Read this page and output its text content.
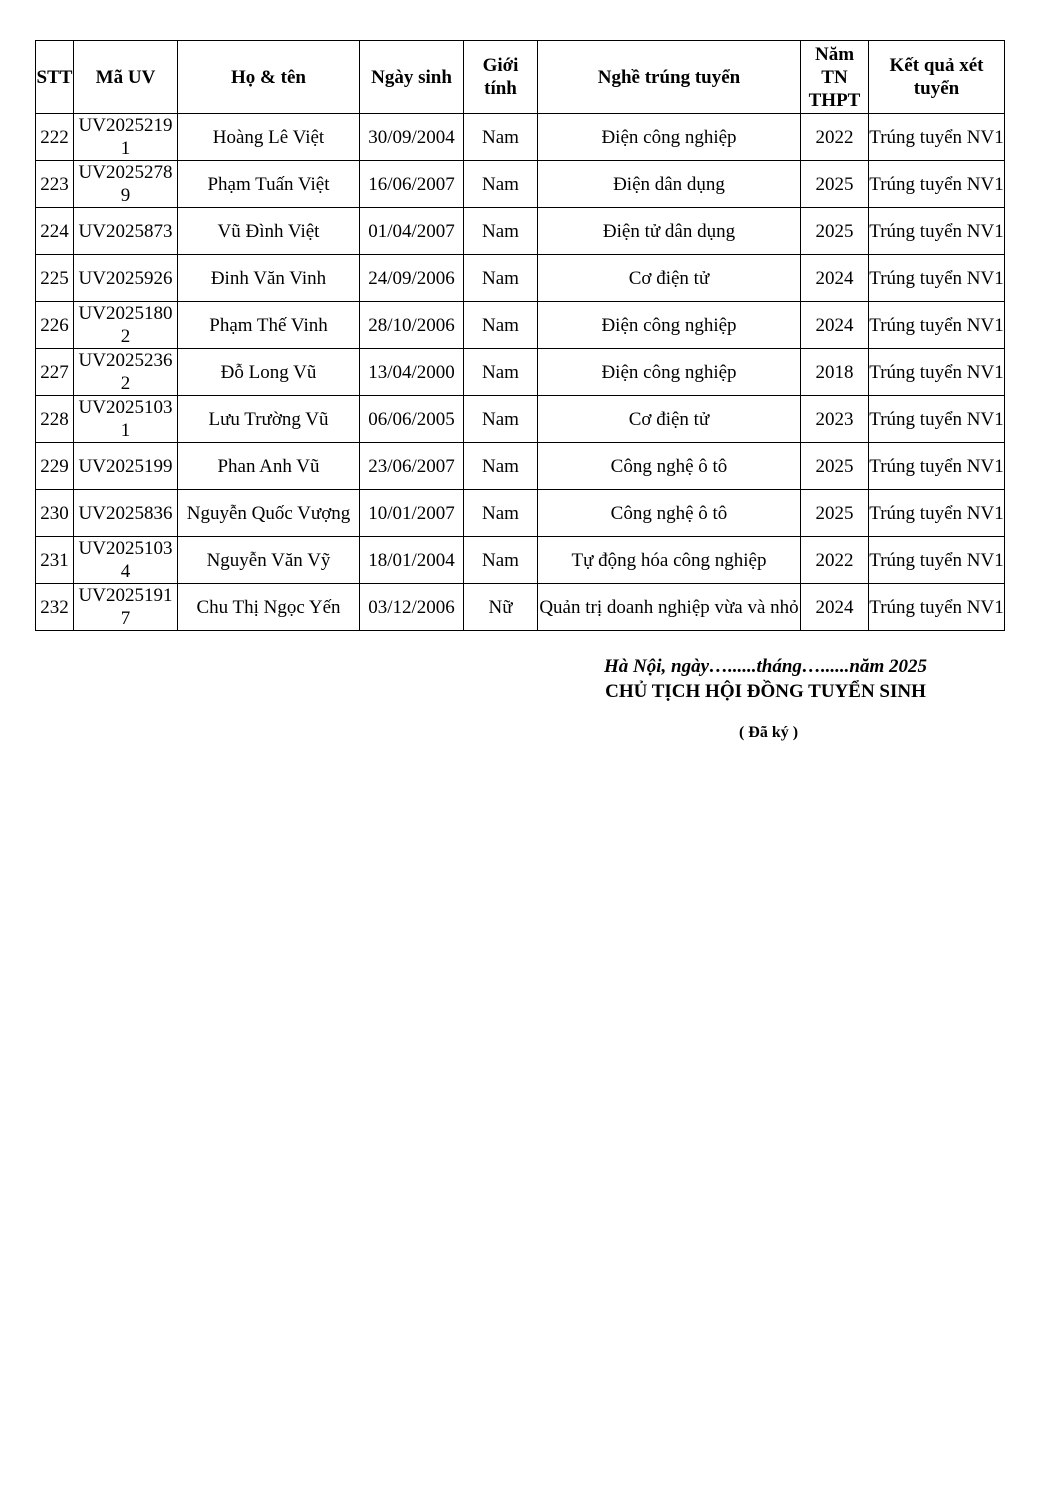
STT	Mã UV	Họ & tên	Ngày sinh	Giới tính	Nghề trúng tuyển	Năm TN THPT	Kết quả xét tuyển
222	UV20252191	Hoàng Lê Việt	30/09/2004	Nam	Điện công nghiệp	2022	Trúng tuyển NV1
223	UV20252789	Phạm Tuấn Việt	16/06/2007	Nam	Điện dân dụng	2025	Trúng tuyển NV1
224	UV2025873	Vũ Đình Việt	01/04/2007	Nam	Điện tử dân dụng	2025	Trúng tuyển NV1
225	UV2025926	Đinh Văn Vinh	24/09/2006	Nam	Cơ điện tử	2024	Trúng tuyển NV1
226	UV20251802	Phạm Thế Vinh	28/10/2006	Nam	Điện công nghiệp	2024	Trúng tuyển NV1
227	UV20252362	Đỗ Long Vũ	13/04/2000	Nam	Điện công nghiệp	2018	Trúng tuyển NV1
228	UV20251031	Lưu Trường Vũ	06/06/2005	Nam	Cơ điện tử	2023	Trúng tuyển NV1
229	UV2025199	Phan Anh Vũ	23/06/2007	Nam	Công nghệ ô tô	2025	Trúng tuyển NV1
230	UV2025836	Nguyễn Quốc Vượng	10/01/2007	Nam	Công nghệ ô tô	2025	Trúng tuyển NV1
231	UV20251034	Nguyễn Văn Vỹ	18/01/2004	Nam	Tự động hóa công nghiệp	2022	Trúng tuyển NV1
232	UV20251917	Chu Thị Ngọc Yến	03/12/2006	Nữ	Quản trị doanh nghiệp vừa và nhỏ	2024	Trúng tuyển NV1
Hà Nội, ngày…......tháng…......năm 2025
CHỦ TỊCH HỘI ĐỒNG TUYỂN SINH
( Đã ký )
